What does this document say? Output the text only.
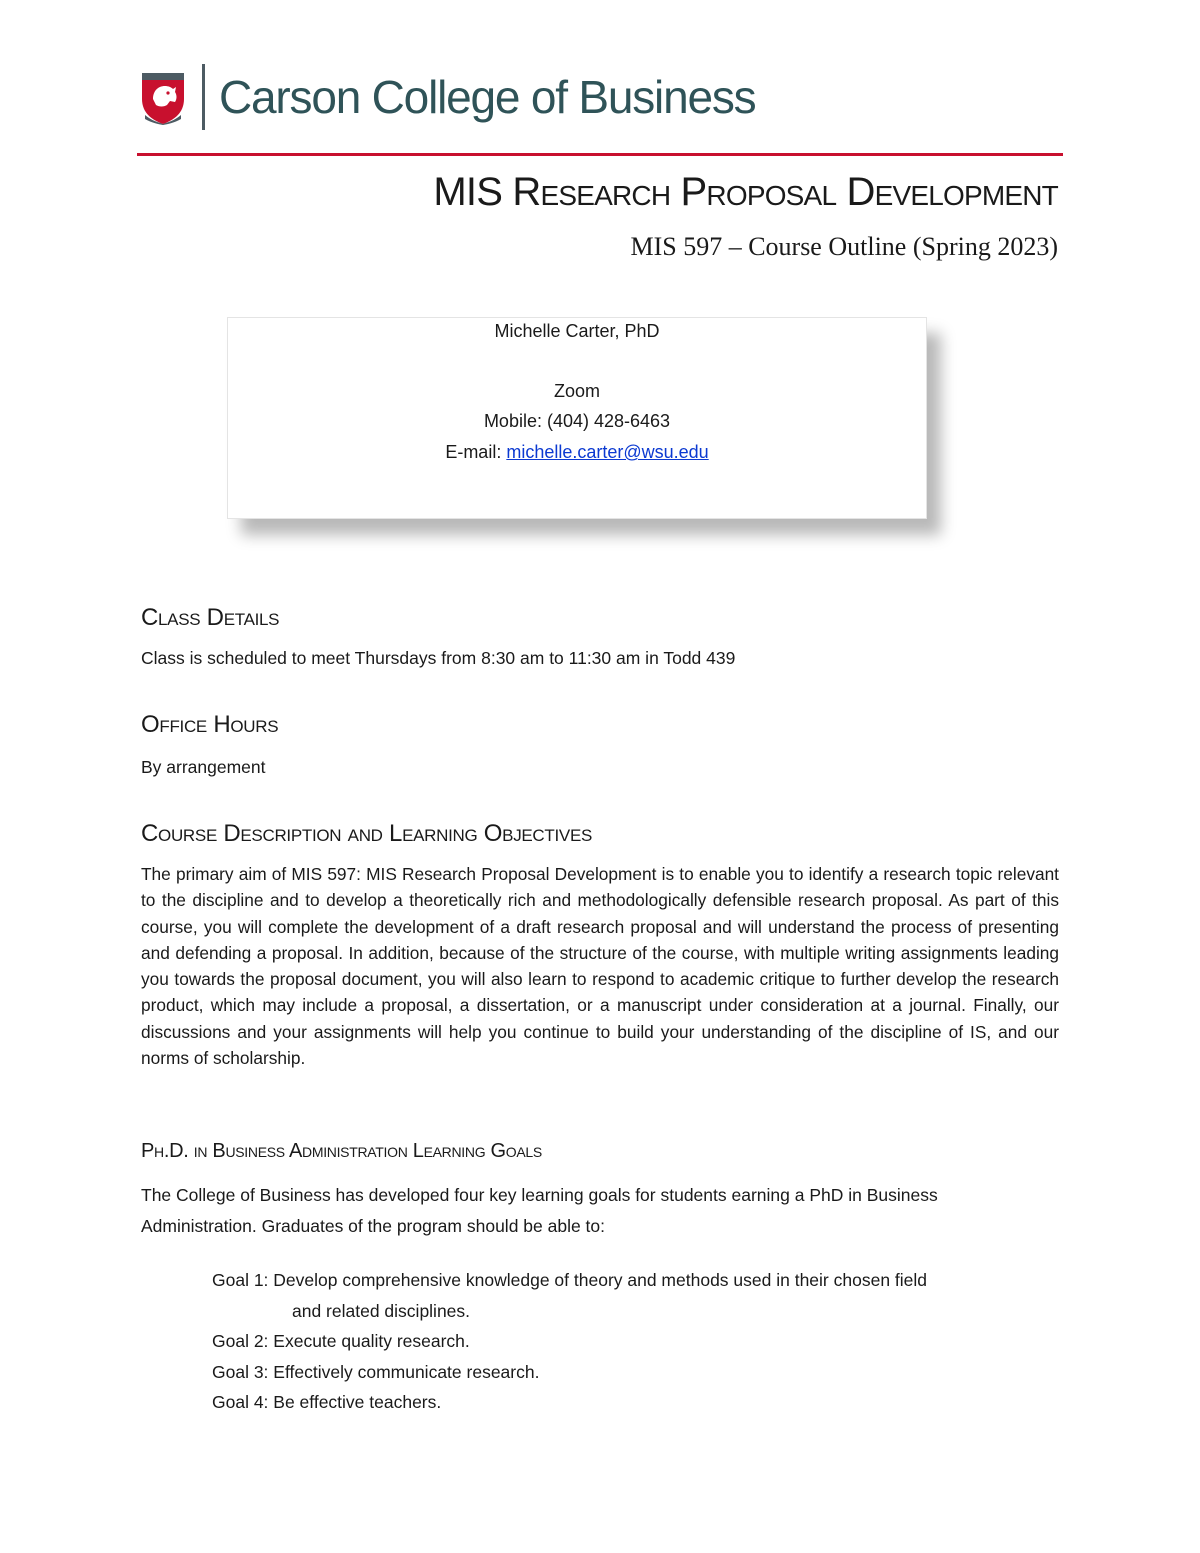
Carson College of Business
MIS Research Proposal Development
MIS 597 – Course Outline (Spring 2023)
Michelle Carter, PhD
Zoom
Mobile: (404) 428-6463
E-mail: michelle.carter@wsu.edu
Class Details
Class is scheduled to meet Thursdays from 8:30 am to 11:30 am in Todd 439
Office Hours
By arrangement
Course Description and Learning Objectives
The primary aim of MIS 597: MIS Research Proposal Development is to enable you to identify a research topic relevant to the discipline and to develop a theoretically rich and methodologically defensible research proposal. As part of this course, you will complete the development of a draft research proposal and will understand the process of presenting and defending a proposal. In addition, because of the structure of the course, with multiple writing assignments leading you towards the proposal document, you will also learn to respond to academic critique to further develop the research product, which may include a proposal, a dissertation, or a manuscript under consideration at a journal. Finally, our discussions and your assignments will help you continue to build your understanding of the discipline of IS, and our norms of scholarship.
Ph.D. in Business Administration Learning Goals
The College of Business has developed four key learning goals for students earning a PhD in Business
Administration. Graduates of the program should be able to:
Goal 1: Develop comprehensive knowledge of theory and methods used in their chosen field
and related disciplines.
Goal 2: Execute quality research.
Goal 3: Effectively communicate research.
Goal 4: Be effective teachers.
